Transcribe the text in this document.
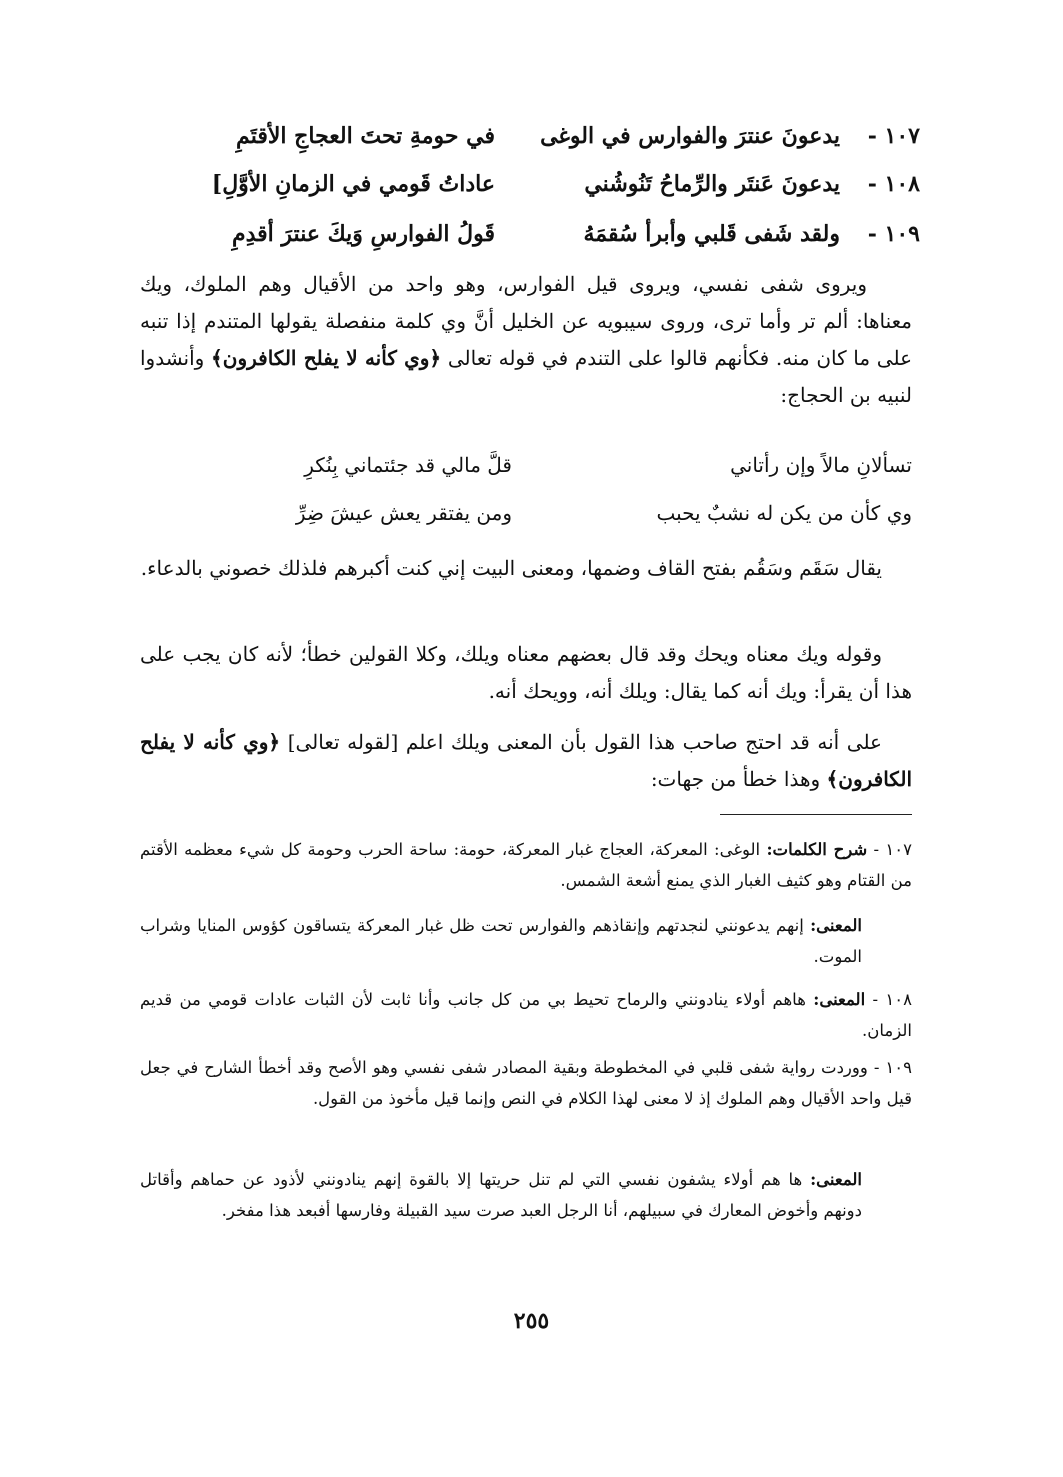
١٠٧ -
يدعونَ عنترَ والفوارس في الوغى
في حومةِ تحتَ العجاجِ الأقتَمِ
١٠٨ -
يدعونَ عَنتَر والرِّماحُ تَنُوشُني
عاداتُ قَومي في الزمانِ الأوَّلِ]
١٠٩ -
ولقد شَفى قَلبي وأبرأ سُقمَهُ
قَولُ الفوارسِ وَيكَ عنترَ أقدِمِ
ويروى شفى نفسي، ويروى قيل الفوارس، وهو واحد من الأقيال وهم الملوك، ويك معناها: ألم تر وأما ترى، وروى سيبويه عن الخليل أنَّ وي كلمة منفصلة يقولها المتندم إذا تنبه على ما كان منه. فكأنهم قالوا على التندم في قوله تعالى ﴿وي كأنه لا يفلح الكافرون﴾ وأنشدوا لنبيه بن الحجاج:
تسألانِ مالاً وإن رأتاني
قلَّ مالي قد جئتماني بِنُكرِ
وي كأن من يكن له نشبٌ يحبب
ومن يفتقر يعش عيشَ ضِرِّ
يقال سَقَم وسَقُم بفتح القاف وضمها، ومعنى البيت إني كنت أكبرهم فلذلك خصوني بالدعاء.
وقوله ويك معناه ويحك وقد قال بعضهم معناه ويلك، وكلا القولين خطأ؛ لأنه كان يجب على هذا أن يقرأ: ويك أنه كما يقال: ويلك أنه، وويحك أنه.
على أنه قد احتج صاحب هذا القول بأن المعنى ويلك اعلم [لقوله تعالى] ﴿وي كأنه لا يفلح الكافرون﴾ وهذا خطأ من جهات:
١٠٧ - شرح الكلمات: الوغى: المعركة، العجاج غبار المعركة، حومة: ساحة الحرب وحومة كل شيء معظمه الأقتم من القتام وهو كثيف الغبار الذي يمنع أشعة الشمس.
المعنى: إنهم يدعونني لنجدتهم وإنقاذهم والفوارس تحت ظل غبار المعركة يتساقون كؤوس المنايا وشراب الموت.
١٠٨ - المعنى: هاهم أولاء ينادونني والرماح تحيط بي من كل جانب وأنا ثابت لأن الثبات عادات قومي من قديم الزمان.
١٠٩ - ووردت رواية شفى قلبي في المخطوطة وبقية المصادر شفى نفسي وهو الأصح وقد أخطأ الشارح في جعل قيل واحد الأقيال وهم الملوك إذ لا معنى لهذا الكلام في النص وإنما قيل مأخوذ من القول.
المعنى: ها هم أولاء يشفون نفسي التي لم تنل حريتها إلا بالقوة إنهم ينادونني لأذود عن حماهم وأقاتل دونهم وأخوض المعارك في سبيلهم، أنا الرجل العبد صرت سيد القبيلة وفارسها أفبعد هذا مفخر.
٢٥٥
